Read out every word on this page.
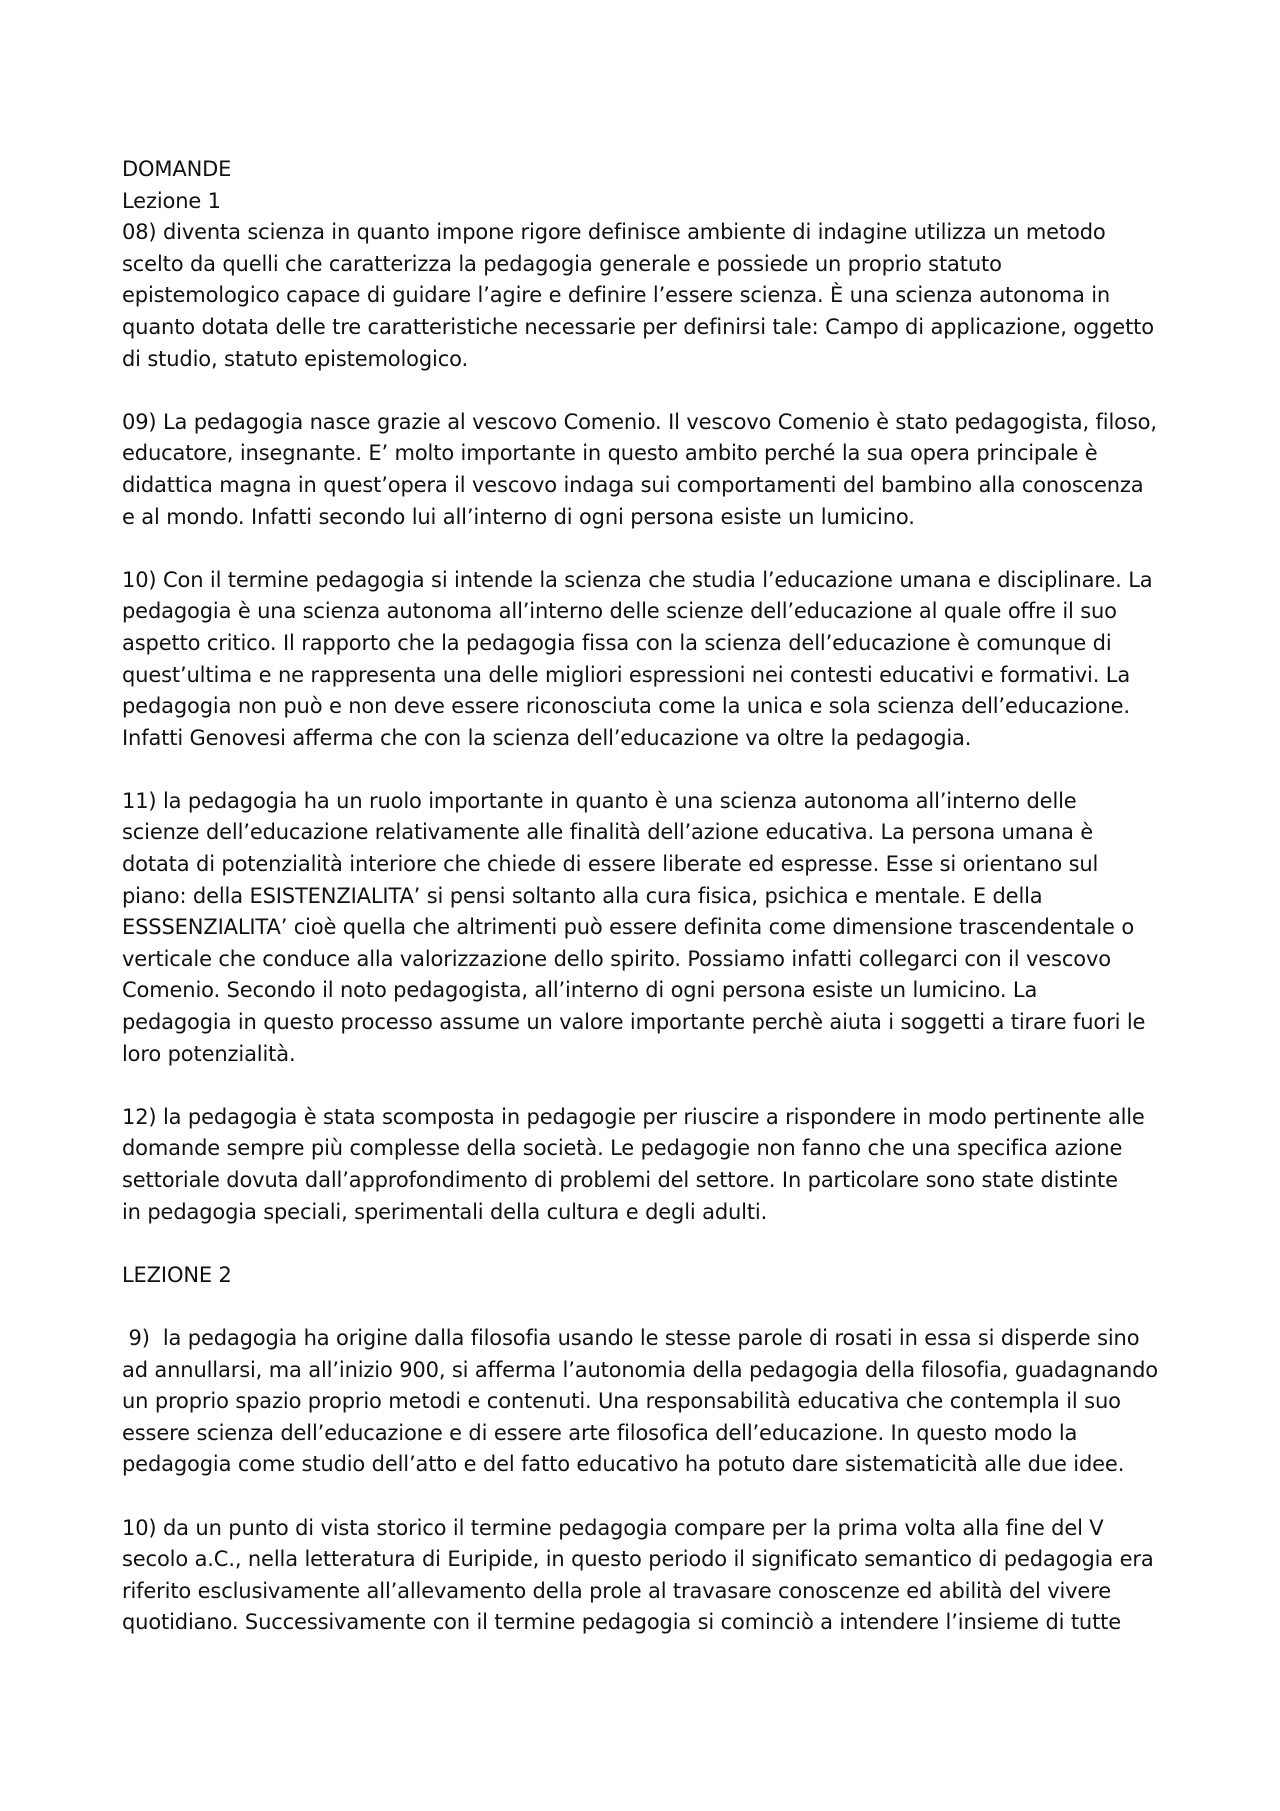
DOMANDE
Lezione 1

08) diventa scienza in quanto impone rigore definisce ambiente di indagine utilizza un metodo

scelto da quelli che caratterizza la pedagogia generale e possiede un proprio statuto

epistemologico capace di guidare l’agire e definire l’essere scienza. È una scienza autonoma in

quanto dotata delle tre caratteristiche necessarie per definirsi tale: Campo di applicazione, oggetto

di studio, statuto epistemologico.

09) La pedagogia nasce grazie al vescovo Comenio. Il vescovo Comenio è stato pedagogista, filoso,

educatore, insegnante. E’ molto importante in questo ambito perché la sua opera principale è

didattica magna in quest’opera il vescovo indaga sui comportamenti del bambino alla conoscenza

e al mondo. Infatti secondo lui all’interno di ogni persona esiste un lumicino.

10) Con il termine pedagogia si intende la scienza che studia l’educazione umana e disciplinare. La

pedagogia è una scienza autonoma all’interno delle scienze dell’educazione al quale offre il suo

aspetto critico. Il rapporto che la pedagogia fissa con la scienza dell’educazione è comunque di

quest’ultima e ne rappresenta una delle migliori espressioni nei contesti educativi e formativi. La

pedagogia non può e non deve essere riconosciuta come la unica e sola scienza dell’educazione.

Infatti Genovesi afferma che con la scienza dell’educazione va oltre la pedagogia.

11) la pedagogia ha un ruolo importante in quanto è una scienza autonoma all’interno delle

scienze dell’educazione relativamente alle finalità dell’azione educativa. La persona umana è

dotata di potenzialità interiore che chiede di essere liberate ed espresse. Esse si orientano sul

piano: della ESISTENZIALITA’ si pensi soltanto alla cura fisica, psichica e mentale. E della

ESSSENZIALITA’ cioè quella che altrimenti può essere definita come dimensione trascendentale o

verticale che conduce alla valorizzazione dello spirito. Possiamo infatti collegarci con il vescovo

Comenio. Secondo il noto pedagogista, all’interno di ogni persona esiste un lumicino. La

pedagogia in questo processo assume un valore importante perchè aiuta i soggetti a tirare fuori le

loro potenzialità.

12) la pedagogia è stata scomposta in pedagogie per riuscire a rispondere in modo pertinente alle

domande sempre più complesse della società. Le pedagogie non fanno che una specifica azione

settoriale dovuta dall’approfondimento di problemi del settore. In particolare sono state distinte

in pedagogia speciali, sperimentali della cultura e degli adulti.

LEZIONE 2

9)  la pedagogia ha origine dalla filosofia usando le stesse parole di rosati in essa si disperde sino

ad annullarsi, ma all’inizio 900, si afferma l’autonomia della pedagogia della filosofia, guadagnando

un proprio spazio proprio metodi e contenuti. Una responsabilità educativa che contempla il suo

essere scienza dell’educazione e di essere arte filosofica dell’educazione. In questo modo la

pedagogia come studio dell’atto e del fatto educativo ha potuto dare sistematicità alle due idee.

10) da un punto di vista storico il termine pedagogia compare per la prima volta alla fine del V

secolo a.C., nella letteratura di Euripide, in questo periodo il significato semantico di pedagogia era

riferito esclusivamente all’allevamento della prole al travasare conoscenze ed abilità del vivere

quotidiano. Successivamente con il termine pedagogia si cominciò a intendere l’insieme di tutte
